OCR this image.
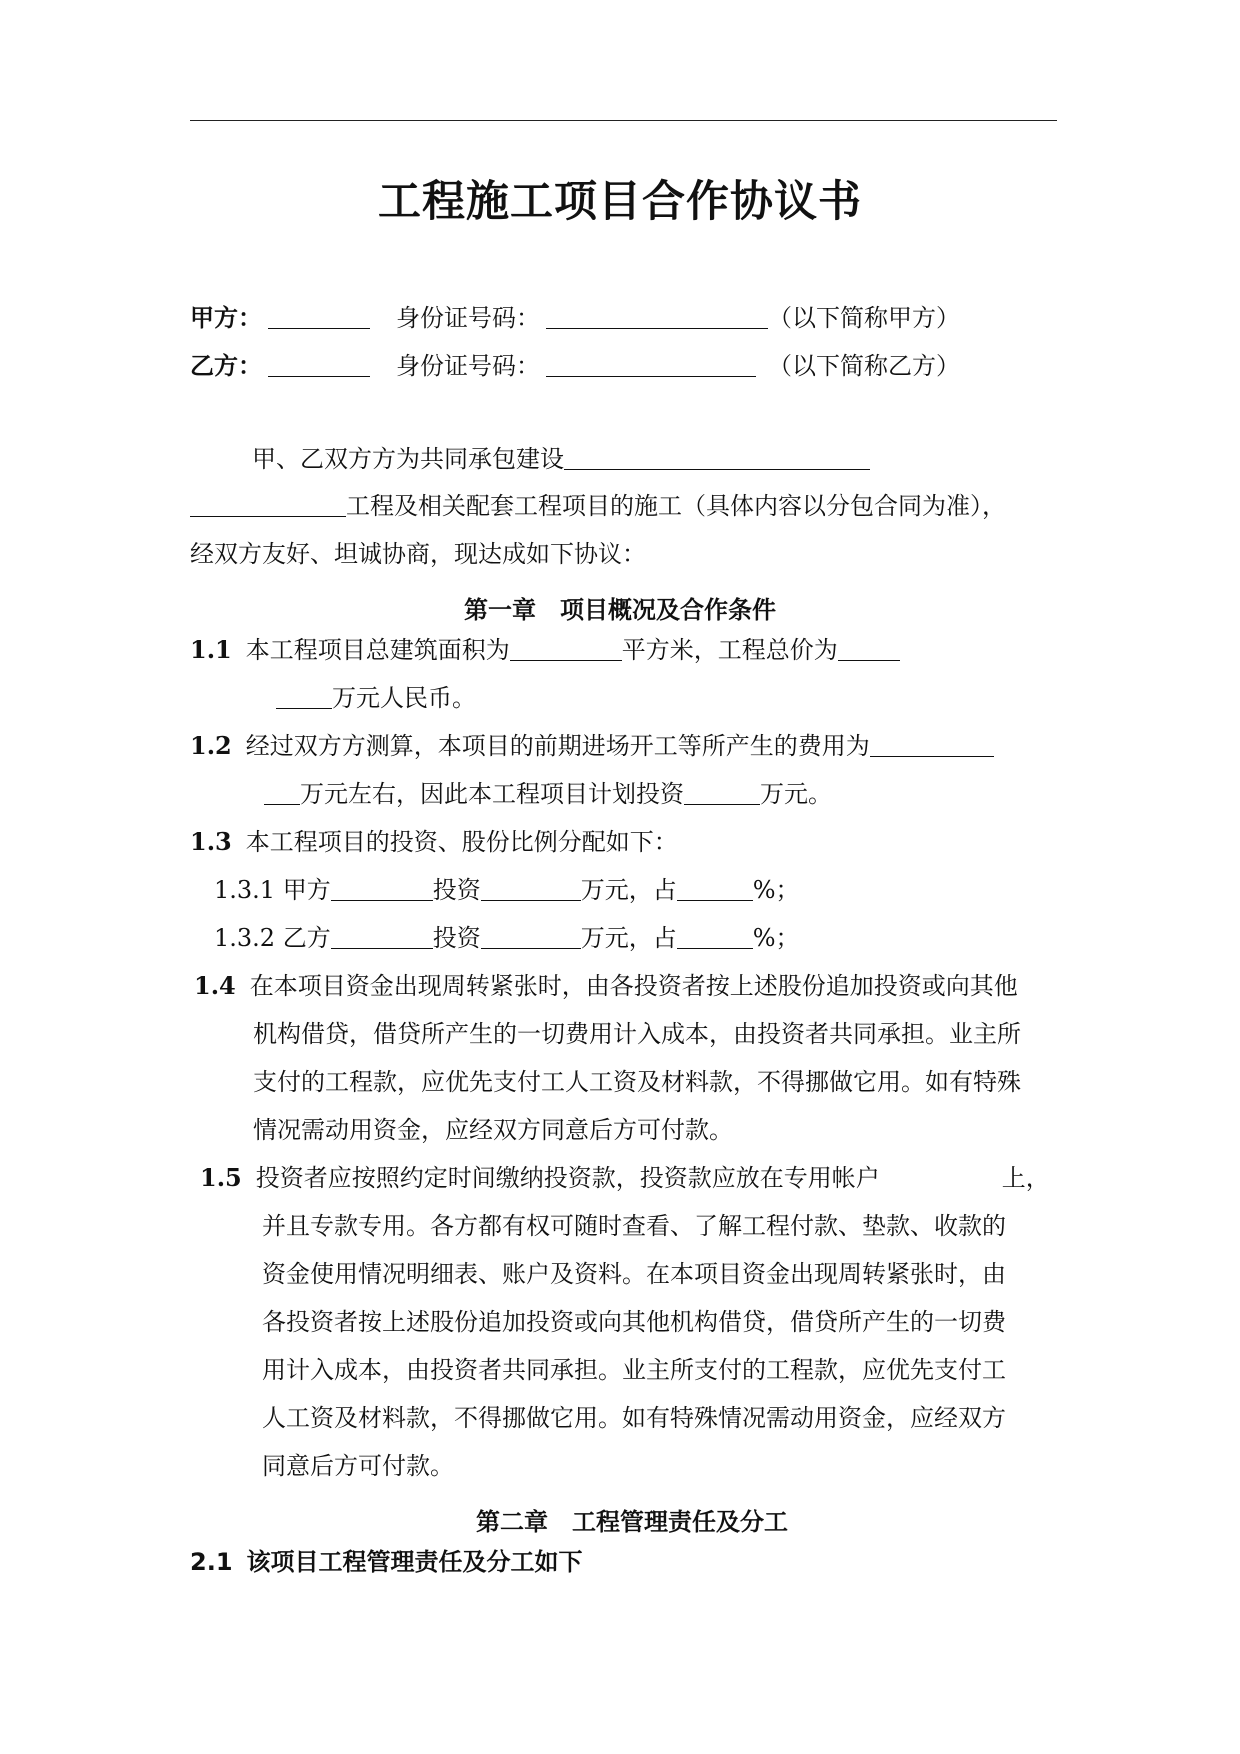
工程施工项目合作协议书
甲方：	身份证号码：	（以下简称甲方）
乙方：	身份证号码：	（以下简称乙方）
甲、乙双方方为共同承包建设
工程及相关配套工程项目的施工（具体内容以分包合同为准），
经双方友好、坦诚协商，现达成如下协议：
第一章　项目概况及合作条件
1.1 本工程项目总建筑面积为	平方米，工程总价为
万元人民币。
1.2 经过双方方测算，本项目的前期进场开工等所产生的费用为
万元左右，因此本工程项目计划投资	万元。
1.3 本工程项目的投资、股份比例分配如下：
1.3.1 甲方	投资	万元，占	%；
1.3.2 乙方	投资	万元，占	%；
1.4 在本项目资金出现周转紧张时，由各投资者按上述股份追加投资或向其他
机构借贷，借贷所产生的一切费用计入成本，由投资者共同承担。业主所
支付的工程款，应优先支付工人工资及材料款，不得挪做它用。如有特殊
情况需动用资金，应经双方同意后方可付款。
1.5 投资者应按照约定时间缴纳投资款，投资款应放在专用帐户	上，
并且专款专用。各方都有权可随时查看、了解工程付款、垫款、收款的
资金使用情况明细表、账户及资料。在本项目资金出现周转紧张时，由
各投资者按上述股份追加投资或向其他机构借贷，借贷所产生的一切费
用计入成本，由投资者共同承担。业主所支付的工程款，应优先支付工
人工资及材料款，不得挪做它用。如有特殊情况需动用资金，应经双方
同意后方可付款。
第二章　工程管理责任及分工
2.1 该项目工程管理责任及分工如下
